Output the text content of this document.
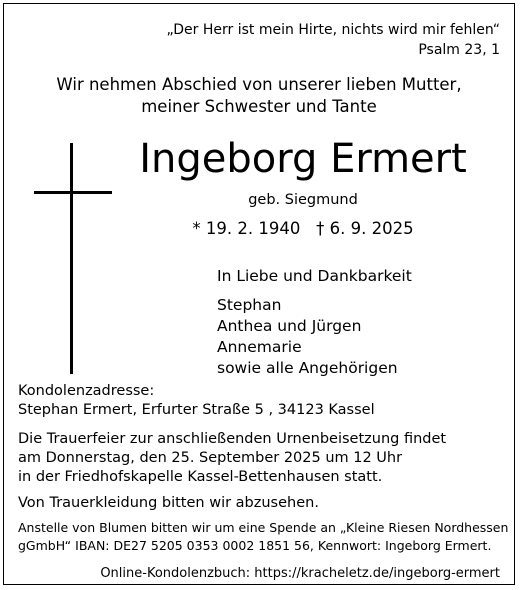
„Der Herr ist mein Hirte, nichts wird mir fehlen“
Psalm 23, 1
Wir nehmen Abschied von unserer lieben Mutter,
meiner Schwester und Tante
Ingeborg Ermert
geb. Siegmund
* 19. 2. 1940   † 6. 9. 2025
In Liebe und Dankbarkeit
Stephan
Anthea und Jürgen
Annemarie
sowie alle Angehörigen
Kondolenzadresse:
Stephan Ermert, Erfurter Straße 5 , 34123 Kassel
Die Trauerfeier zur anschließenden Urnenbeisetzung findet
am Donnerstag, den 25. September 2025 um 12 Uhr
in der Friedhofskapelle Kassel-Bettenhausen statt.
Von Trauerkleidung bitten wir abzusehen.
Anstelle von Blumen bitten wir um eine Spende an „Kleine Riesen Nordhessen
gGmbH“ IBAN: DE27 5205 0353 0002 1851 56, Kennwort: Ingeborg Ermert.
Online-Kondolenzbuch: https://kracheletz.de/ingeborg-ermert
